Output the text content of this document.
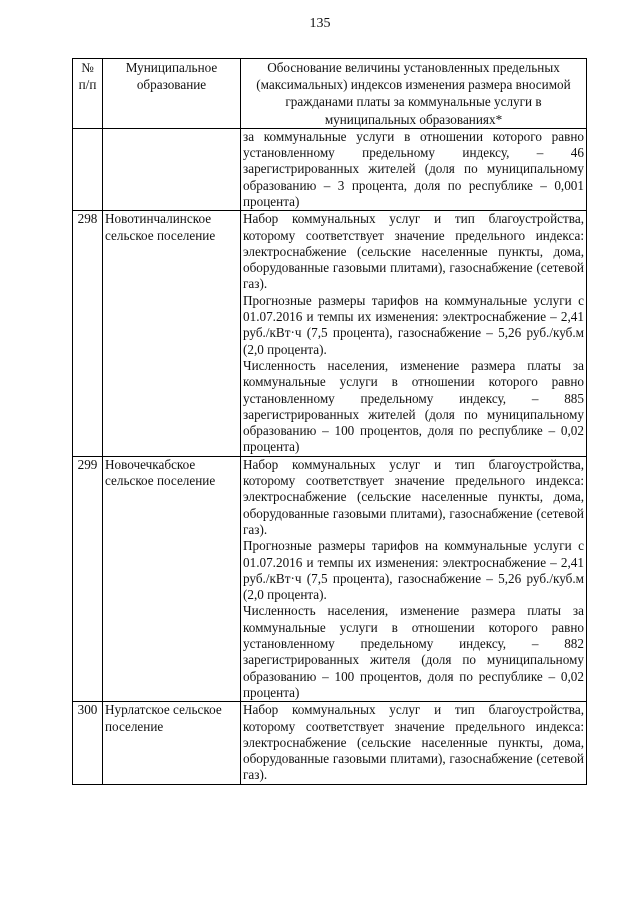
135
№ п/п	Муниципальное образование	Обоснование величины установленных предельных (максимальных) индексов изменения размера вносимой гражданами платы за коммунальные услуги в муниципальных образованиях*
		за коммунальные услуги в отношении которого равно установленному предельному индексу, – 46 зарегистрированных жителей (доля по муниципальному образованию – 3 процента, доля по республике – 0,001 процента)
298	Новотинчалинское сельское поселение	Набор коммунальных услуг и тип благоустройства, которому соответствует значение предельного индекса: электроснабжение (сельские населенные пункты, дома, оборудованные газовыми плитами), газоснабжение (сетевой газ).

Прогнозные размеры тарифов на коммунальные услуги с 01.07.2016 и темпы их изменения: электроснабжение – 2,41 руб./кВт·ч (7,5 процента), газоснабжение – 5,26 руб./куб.м (2,0 процента).

Численность населения, изменение размера платы за коммунальные услуги в отношении которого равно установленному предельному индексу, – 885 зарегистрированных жителей (доля по муниципальному образованию – 100 процентов, доля по республике – 0,02 процента)

299	Новочечкабское сельское поселение	Набор коммунальных услуг и тип благоустройства, которому соответствует значение предельного индекса: электроснабжение (сельские населенные пункты, дома, оборудованные газовыми плитами), газоснабжение (сетевой газ).

Прогнозные размеры тарифов на коммунальные услуги с 01.07.2016 и темпы их изменения: электроснабжение – 2,41 руб./кВт·ч (7,5 процента), газоснабжение – 5,26 руб./куб.м (2,0 процента).

Численность населения, изменение размера платы за коммунальные услуги в отношении которого равно установленному предельному индексу, – 882 зарегистрированных жителя (доля по муниципальному образованию – 100 процентов, доля по республике – 0,02 процента)

300	Нурлатское сельское поселение	Набор коммунальных услуг и тип благоустройства, которому соответствует значение предельного индекса: электроснабжение (сельские населенные пункты, дома, оборудованные газовыми плитами), газоснабжение (сетевой газ).
